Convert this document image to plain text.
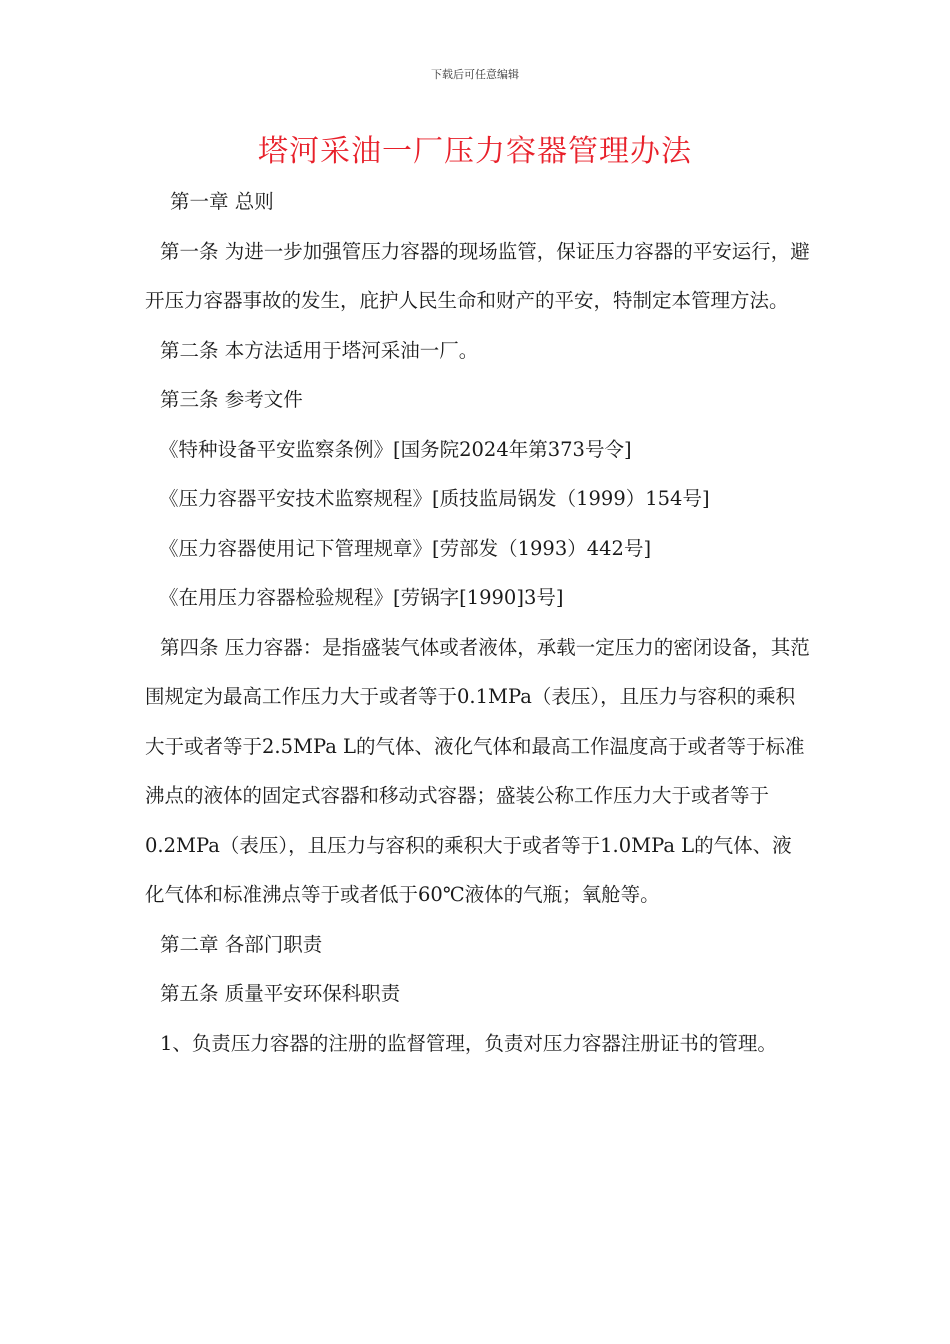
下载后可任意编辑
塔河采油一厂压力容器管理办法

第一章 总则

第一条 为进一步加强管压力容器的现场监管，保证压力容器的平安运行，避开压力容器事故的发生，庇护人民生命和财产的平安，特制定本管理方法。

第二条 本方法适用于塔河采油一厂。

第三条 参考文件

《特种设备平安监察条例》[国务院2024年第373号令]

《压力容器平安技术监察规程》[质技监局锅发（1999）154号]

《压力容器使用记下管理规章》[劳部发（1993）442号]

《在用压力容器检验规程》[劳锅字[1990]3号]

第四条 压力容器：是指盛装气体或者液体，承载一定压力的密闭设备，其范围规定为最高工作压力大于或者等于0.1MPa（表压），且压力与容积的乘积大于或者等于2.5MPa L的气体、液化气体和最高工作温度高于或者等于标准沸点的液体的固定式容器和移动式容器；盛装公称工作压力大于或者等于0.2MPa（表压），且压力与容积的乘积大于或者等于1.0MPa L的气体、液化气体和标准沸点等于或者低于60℃液体的气瓶；氧舱等。

第二章 各部门职责

第五条 质量平安环保科职责

1、负责压力容器的注册的监督管理，负责对压力容器注册证书的管理。
